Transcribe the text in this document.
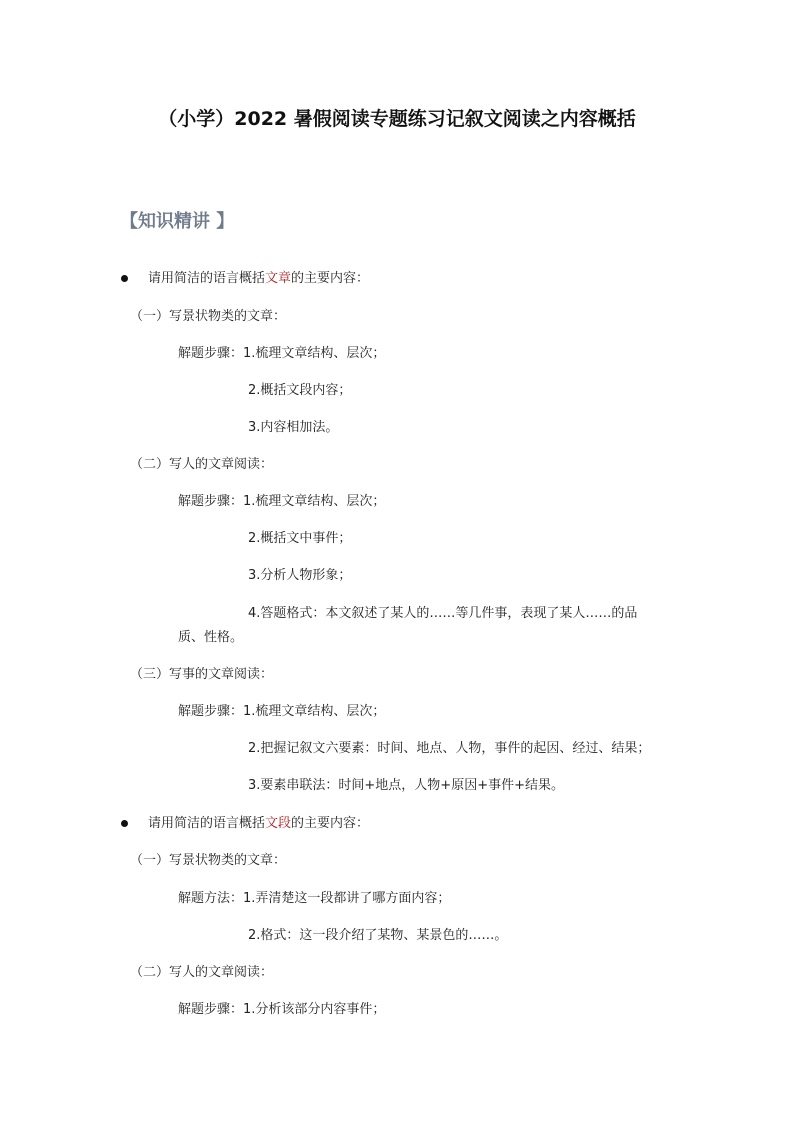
（小学）2022 暑假阅读专题练习记叙文阅读之内容概括
【知识精讲 】
请用简洁的语言概括文章的主要内容：
（一）写景状物类的文章：
解题步骤：1.梳理文章结构、层次；
2.概括文段内容；
3.内容相加法。
（二）写人的文章阅读：
解题步骤：1.梳理文章结构、层次；
2.概括文中事件；
3.分析人物形象；
4.答题格式：本文叙述了某人的……等几件事，表现了某人……的品
质、性格。
（三）写事的文章阅读：
解题步骤：1.梳理文章结构、层次；
2.把握记叙文六要素：时间、地点、人物，事件的起因、经过、结果；
3.要素串联法：时间+地点，人物+原因+事件+结果。
请用简洁的语言概括文段的主要内容：
（一）写景状物类的文章：
解题方法：1.弄清楚这一段都讲了哪方面内容；
2.格式：这一段介绍了某物、某景色的……。
（二）写人的文章阅读：
解题步骤：1.分析该部分内容事件；
